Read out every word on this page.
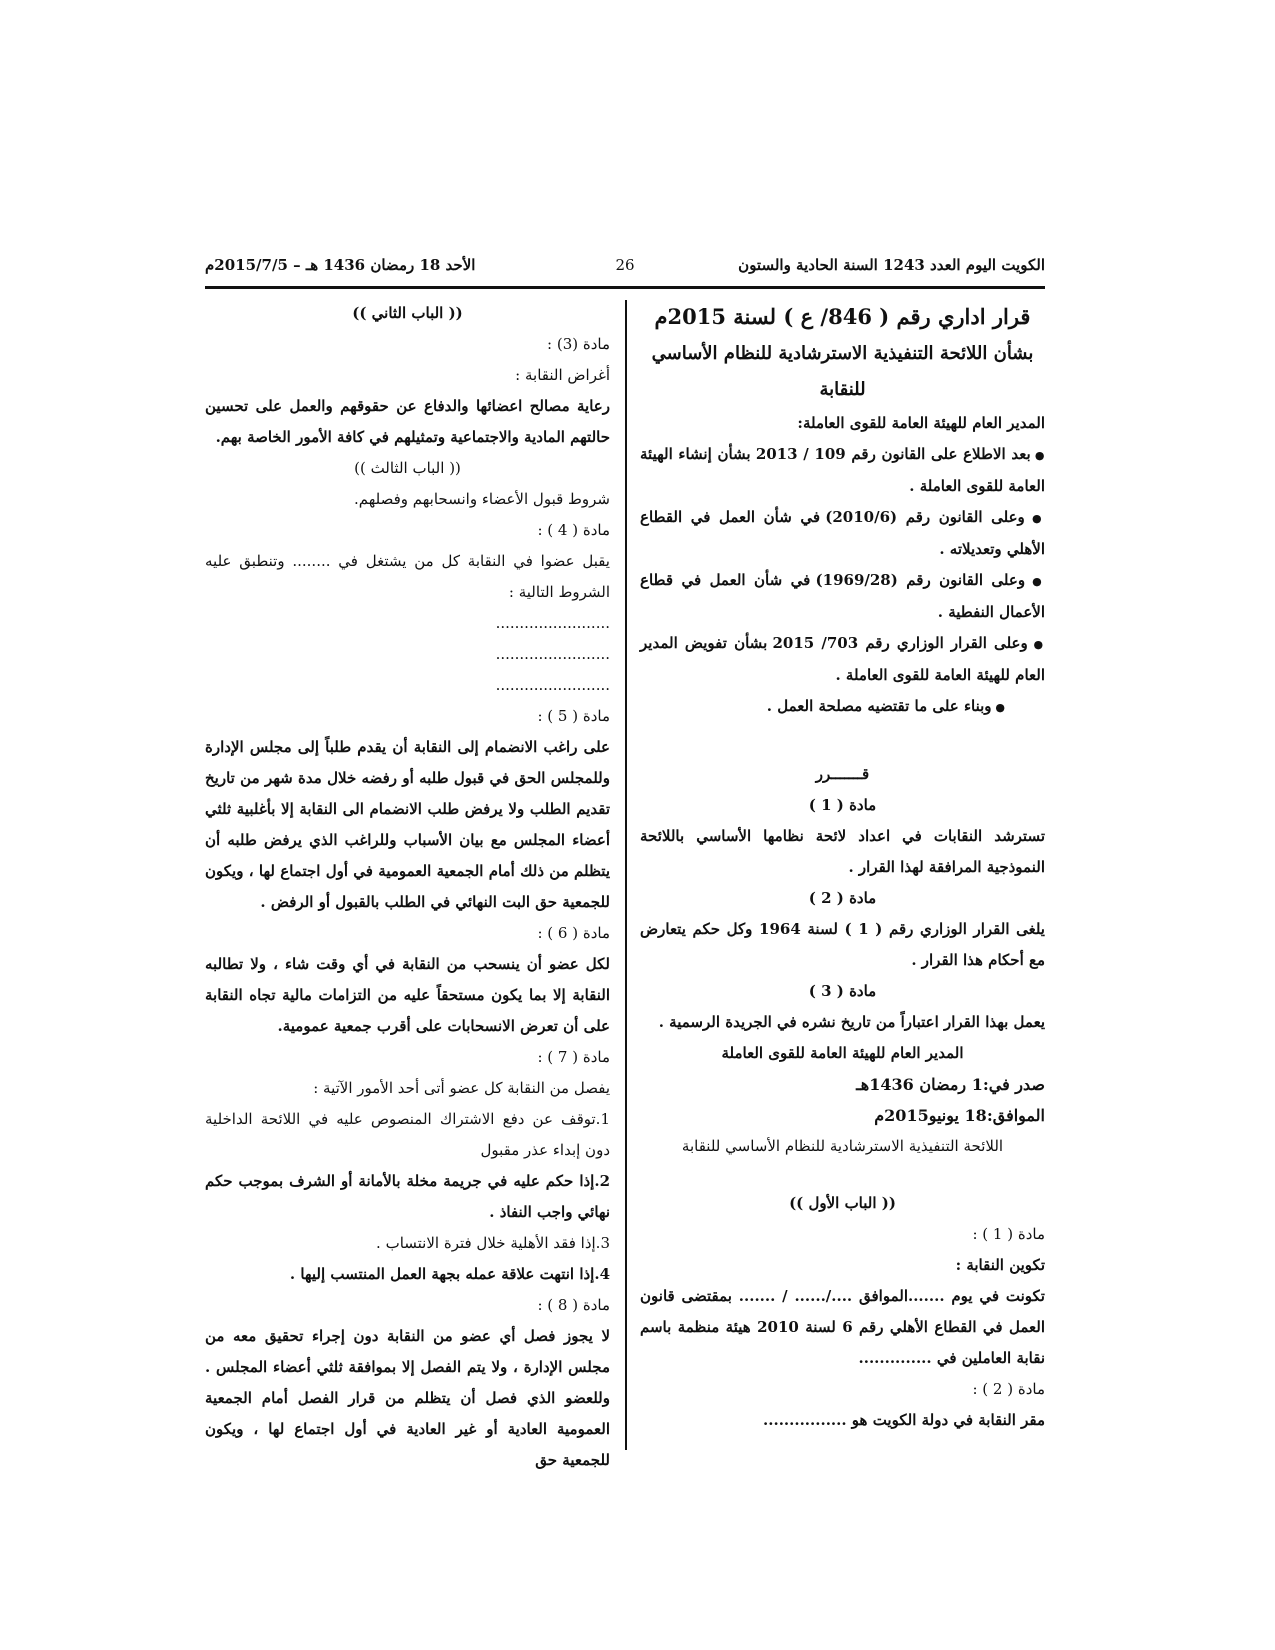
الكويت اليوم العدد 1243 السنة الحادية والستون
26
الأحد 18 رمضان 1436 هـ – 2015/7/5م

قرار اداري رقم ( 846/ ع ) لسنة 2015م

بشأن اللائحة التنفيذية الاسترشادية للنظام الأساسي

للنقابة

المدير العام للهيئة العامة للقوى العاملة:

● بعد الاطلاع على القانون رقم 109 / 2013 بشأن إنشاء الهيئة العامة للقوى العاملة .

● وعلى القانون رقم (2010/6) في شأن العمل في القطاع الأهلي وتعديلاته .

● وعلى القانون رقم (1969/28) في شأن العمل في قطاع الأعمال النفطية .

● وعلى القرار الوزاري رقم 703/ 2015 بشأن تفويض المدير العام للهيئة العامة للقوى العاملة .

● وبناء على ما تقتضيه مصلحة العمل .

قـــــــرر

مادة ( 1 )

تسترشد النقابات في اعداد لائحة نظامها الأساسي باللائحة النموذجية المرافقة لهذا القرار .

مادة ( 2 )

يلغى القرار الوزاري رقم ( 1 ) لسنة 1964 وكل حكم يتعارض مع أحكام هذا القرار .

مادة ( 3 )

يعمل بهذا القرار اعتباراً من تاريخ نشره في الجريدة الرسمية .

المدير العام للهيئة العامة للقوى العاملة

صدر في:1 رمضان 1436هـ

الموافق:18 يونيو2015م

اللائحة التنفيذية الاسترشادية للنظام الأساسي للنقابة

(( الباب الأول ))

مادة ( 1 ) :

تكوين النقابة :

تكونت في يوم .......الموافق ..../...... / ....... بمقتضى قانون العمل في القطاع الأهلي رقم 6 لسنة 2010 هيئة منظمة باسم نقابة العاملين في ..............

مادة ( 2 ) :

مقر النقابة في دولة الكويت هو ................

(( الباب الثاني ))

مادة (3) :

أغراض النقابة :

رعاية مصالح اعضائها والدفاع عن حقوقهم والعمل على تحسين حالتهم المادية والاجتماعية وتمثيلهم في كافة الأمور الخاصة بهم.

(( الباب الثالث ))

شروط قبول الأعضاء وانسحابهم وفصلهم.

مادة ( 4 ) :

يقبل عضوا في النقابة كل من يشتغل في ........ وتنطبق عليه الشروط التالية :

........................

........................

........................

مادة ( 5 ) :

على راغب الانضمام إلى النقابة أن يقدم طلباً إلى مجلس الإدارة وللمجلس الحق في قبول طلبه أو رفضه خلال مدة شهر من تاريخ تقديم الطلب ولا يرفض طلب الانضمام الى النقابة إلا بأغلبية ثلثي أعضاء المجلس مع بيان الأسباب وللراغب الذي يرفض طلبه أن يتظلم من ذلك أمام الجمعية العمومية في أول اجتماع لها ، ويكون للجمعية حق البت النهائي في الطلب بالقبول أو الرفض .

مادة ( 6 ) :

لكل عضو أن ينسحب من النقابة في أي وقت شاء ، ولا تطالبه النقابة إلا بما يكون مستحقاً عليه من التزامات مالية تجاه النقابة على أن تعرض الانسحابات على أقرب جمعية عمومية.

مادة ( 7 ) :

يفصل من النقابة كل عضو أتى أحد الأمور الآتية :

1.توقف عن دفع الاشتراك المنصوص عليه في اللائحة الداخلية دون إبداء عذر مقبول

2.إذا حكم عليه في جريمة مخلة بالأمانة أو الشرف بموجب حكم نهائي واجب النفاذ .

3.إذا فقد الأهلية خلال فترة الانتساب .

4.إذا انتهت علاقة عمله بجهة العمل المنتسب إليها .

مادة ( 8 ) :

لا يجوز فصل أي عضو من النقابة دون إجراء تحقيق معه من مجلس الإدارة ، ولا يتم الفصل إلا بموافقة ثلثي أعضاء المجلس . وللعضو الذي فصل أن يتظلم من قرار الفصل أمام الجمعية العمومية العادية أو غير العادية في أول اجتماع لها ، ويكون للجمعية حق
